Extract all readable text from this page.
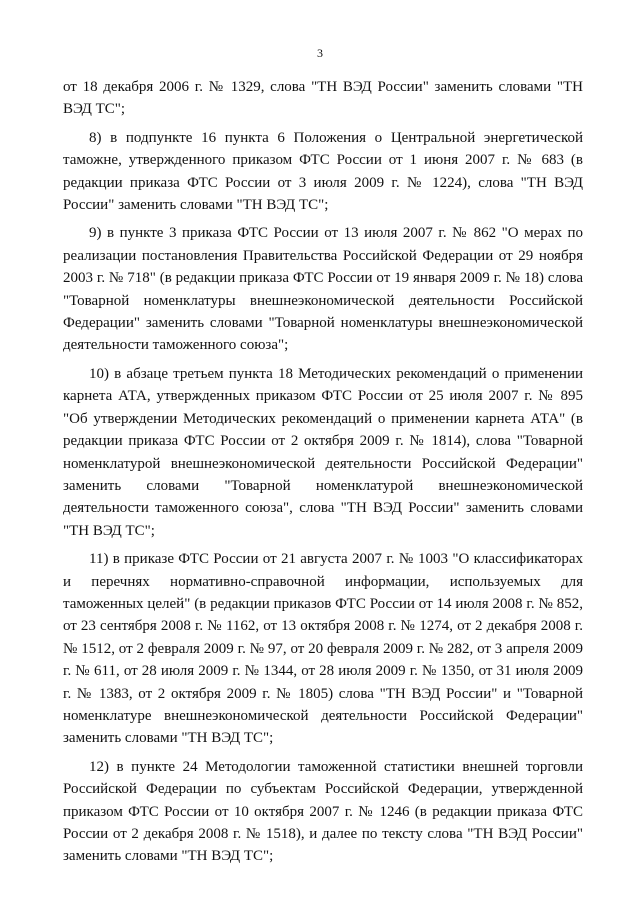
3

от 18 декабря 2006 г. № 1329, слова "ТН ВЭД России" заменить словами "ТН ВЭД ТС";

8) в подпункте 16 пункта 6 Положения о Центральной энергетической таможне, утвержденного приказом ФТС России от 1 июня 2007 г. № 683 (в редакции приказа ФТС России от 3 июля 2009 г. № 1224), слова "ТН ВЭД России" заменить словами "ТН ВЭД ТС";

9) в пункте 3 приказа ФТС России от 13 июля 2007 г. № 862 "О мерах по реализации постановления Правительства Российской Федерации от 29 ноября 2003 г. № 718" (в редакции приказа ФТС России от 19 января 2009 г. № 18) слова "Товарной номенклатуры внешнеэкономической деятельности Российской Федерации" заменить словами "Товарной номенклатуры внешнеэкономической деятельности таможенного союза";

10) в абзаце третьем пункта 18 Методических рекомендаций о применении карнета АТА, утвержденных приказом ФТС России от 25 июля 2007 г. № 895 "Об утверждении Методических рекомендаций о применении карнета АТА" (в редакции приказа ФТС России от 2 октября 2009 г. № 1814), слова "Товарной номенклатурой внешнеэкономической деятельности Российской Федерации" заменить словами "Товарной номенклатурой внешнеэкономической деятельности таможенного союза", слова "ТН ВЭД России" заменить словами "ТН ВЭД ТС";

11) в приказе ФТС России от 21 августа 2007 г. № 1003 "О классификаторах и перечнях нормативно-справочной информации, используемых для таможенных целей" (в редакции приказов ФТС России от 14 июля 2008 г. № 852, от 23 сентября 2008 г. № 1162, от 13 октября 2008 г. № 1274, от 2 декабря 2008 г. № 1512, от 2 февраля 2009 г. № 97, от 20 февраля 2009 г. № 282, от 3 апреля 2009 г. № 611, от 28 июля 2009 г. № 1344, от 28 июля 2009 г. № 1350, от 31 июля 2009 г. № 1383, от 2 октября 2009 г. № 1805) слова "ТН ВЭД России" и "Товарной номенклатуре внешнеэкономической деятельности Российской Федерации" заменить словами "ТН ВЭД ТС";

12) в пункте 24 Методологии таможенной статистики внешней торговли Российской Федерации по субъектам Российской Федерации, утвержденной приказом ФТС России от 10 октября 2007 г. № 1246 (в редакции приказа ФТС России от 2 декабря 2008 г. № 1518), и далее по тексту слова "ТН ВЭД России" заменить словами "ТН ВЭД ТС";
